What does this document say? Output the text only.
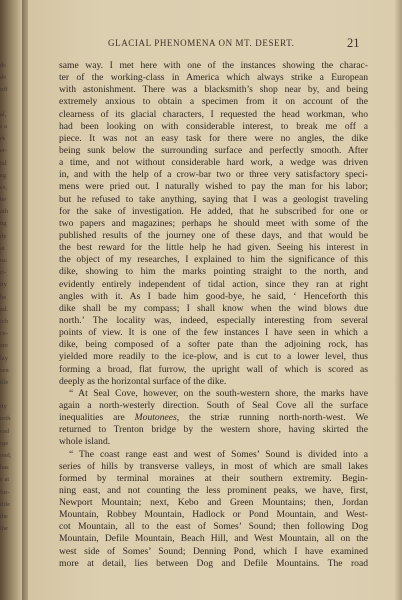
ds
de
off
al,
s a
rk
er-
tal
eg
es,
he
ath
ng
dy
at
us.
ri-
ity
he
ad.
ich
ce-
ere
lay
sen
ille
ity
orth
ead
rge
ond,
has
e at
fur-
ittle
the
the
GLACIAL PHENOMENA ON MT. DESERT.	21
same way. I met here with one of the instances showing the charac-
ter of the working-class in America which always strike a European
with astonishment. There was a blacksmith’s shop near by, and being
extremely anxious to obtain a specimen from it on account of the
clearness of its glacial characters, I requested the head workman, who
had been looking on with considerable interest, to break me off a
piece. It was not an easy task for there were no angles, the dike
being sunk below the surrounding surface and perfectly smooth. After
a time, and not without considerable hard work, a wedge was driven
in, and with the help of a crow-bar two or three very satisfactory speci-
mens were pried out. I naturally wished to pay the man for his labor;
but he refused to take anything, saying that I was a geologist traveling
for the sake of investigation. He added, that he subscribed for one or
two papers and magazines; perhaps he should meet with some of the
published results of the journey one of these days, and that would be
the best reward for the little help he had given. Seeing his interest in
the object of my researches, I explained to him the significance of this
dike, showing to him the marks pointing straight to the north, and
evidently entirely independent of tidal action, since they ran at right
angles with it. As I bade him good-bye, he said, ‘ Henceforth this
dike shall be my compass; I shall know when the wind blows due
north.’ The locality was, indeed, especially interesting from several
points of view. It is one of the few instances I have seen in which a
dike, being composed of a softer pate than the adjoining rock, has
yielded more readily to the ice-plow, and is cut to a lower level, thus
forming a broad, flat furrow, the upright wall of which is scored as
deeply as the horizontal surface of the dike.
“ At Seal Cove, however, on the south-western shore, the marks have
again a north-westerly direction. South of Seal Cove all the surface
inequalities are Moutonees, the striæ running north-north-west. We
returned to Trenton bridge by the western shore, having skirted the
whole island.
“ The coast range east and west of Somes’ Sound is divided into a
series of hills by transverse valleys, in most of which are small lakes
formed by terminal moraines at their southern extremity. Begin-
ning east, and not counting the less prominent peaks, we have, first,
Newport Mountain; next, Kebo and Green Mountains; then, Jordan
Mountain, Robbey Mountain, Hadlock or Pond Mountain, and West-
cot Mountain, all to the east of Somes’ Sound; then following Dog
Mountain, Defile Mountain, Beach Hill, and West Mountain, all on the
west side of Somes’ Sound; Denning Pond, which I have examined
more at detail, lies between Dog and Defile Mountains. The road
